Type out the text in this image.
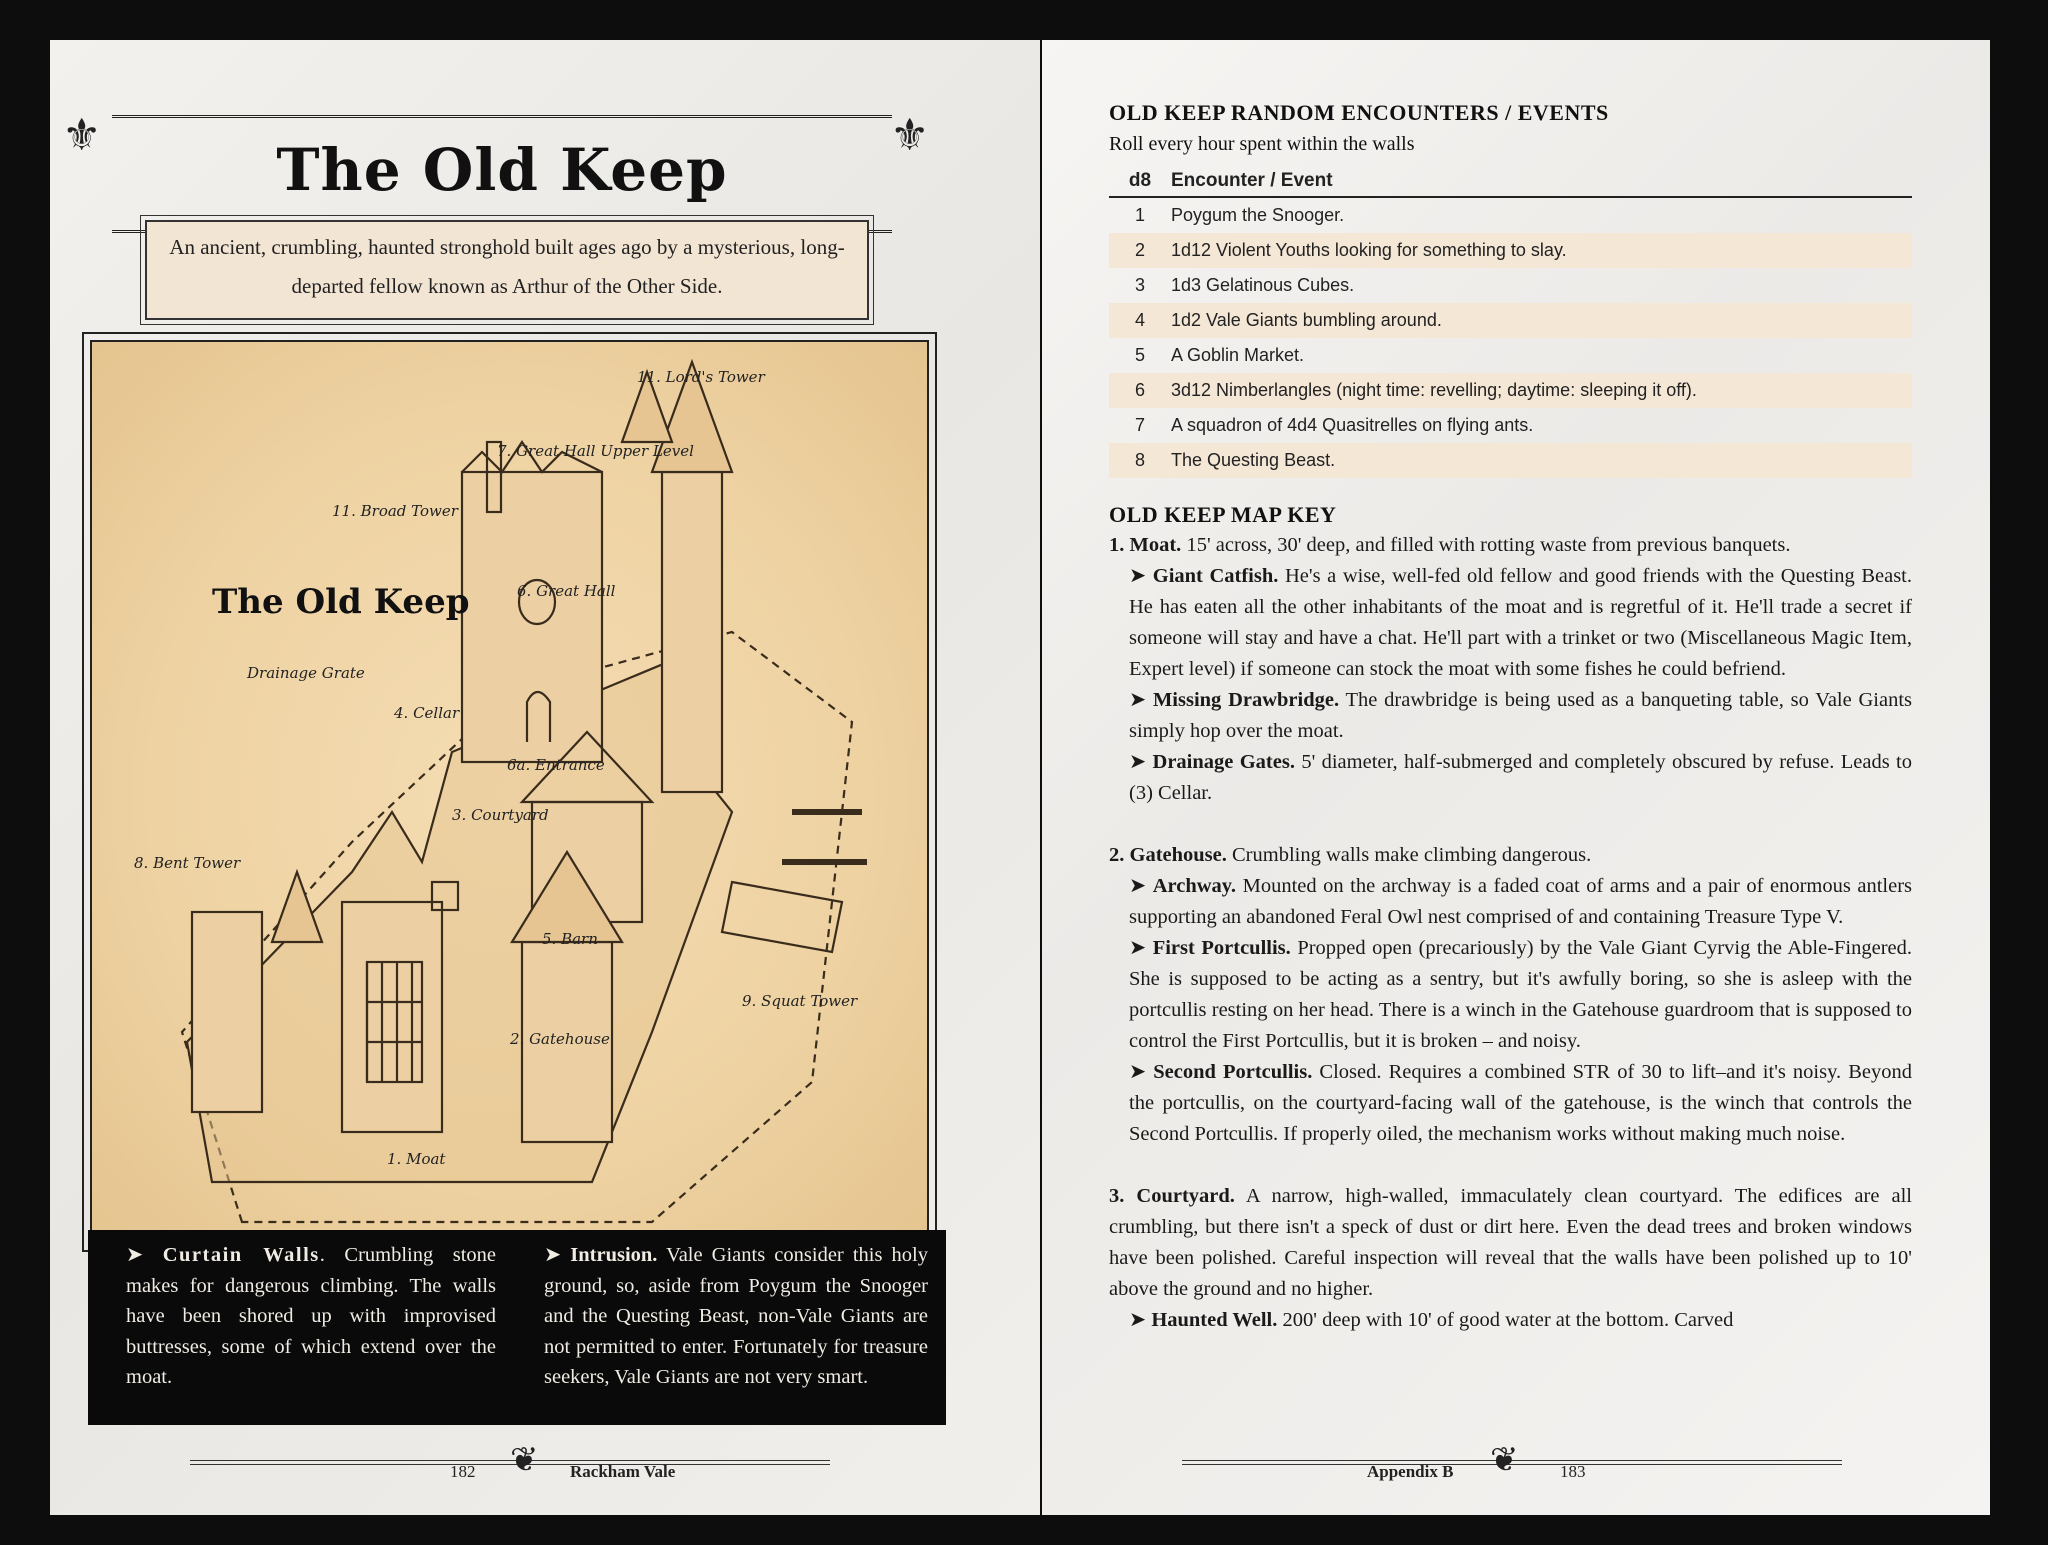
⚜	⚜
The Old Keep
An ancient, crumbling, haunted stronghold built ages ago by a mysterious, long-departed fellow known as Arthur of the Other Side.
The Old Keep
11. Lord's Tower
7. Great Hall Upper Level
11. Broad Tower
6. Great Hall
Drainage Grate
4. Cellar
6a. Entrance
3. Courtyard
8. Bent Tower
5. Barn
9. Squat Tower
2. Gatehouse
1. Moat
➤ Curtain Walls. Crumbling stone makes for dangerous climbing. The walls have been shored up with improvised buttresses, some of which extend over the moat.
➤ Intrusion. Vale Giants consider this holy ground, so, aside from Poygum the Snooger and the Questing Beast, non-Vale Giants are not permitted to enter. Fortunately for treasure seekers, Vale Giants are not very smart.
182 ❦ Rackham Vale
OLD KEEP RANDOM ENCOUNTERS / EVENTS
Roll every hour spent within the walls
d8	Encounter / Event
1	Poygum the Snooger.
2	1d12 Violent Youths looking for something to slay.
3	1d3 Gelatinous Cubes.
4	1d2 Vale Giants bumbling around.
5	A Goblin Market.
6	3d12 Nimberlangles (night time: revelling; daytime: sleeping it off).
7	A squadron of 4d4 Quasitrelles on flying ants.
8	The Questing Beast.
OLD KEEP MAP KEY

1. Moat. 15' across, 30' deep, and filled with rotting waste from previous banquets.

➤ Giant Catfish. He's a wise, well-fed old fellow and good friends with the Questing Beast. He has eaten all the other inhabitants of the moat and is regretful of it. He'll trade a secret if someone will stay and have a chat. He'll part with a trinket or two (Miscellaneous Magic Item, Expert level) if someone can stock the moat with some fishes he could befriend.

➤ Missing Drawbridge. The drawbridge is being used as a banqueting table, so Vale Giants simply hop over the moat.

➤ Drainage Gates. 5' diameter, half-submerged and completely obscured by refuse. Leads to (3) Cellar.

2. Gatehouse. Crumbling walls make climbing dangerous.

➤ Archway. Mounted on the archway is a faded coat of arms and a pair of enormous antlers supporting an abandoned Feral Owl nest comprised of and containing Treasure Type V.

➤ First Portcullis. Propped open (precariously) by the Vale Giant Cyrvig the Able-Fingered. She is supposed to be acting as a sentry, but it's awfully boring, so she is asleep with the portcullis resting on her head. There is a winch in the Gatehouse guardroom that is supposed to control the First Portcullis, but it is broken – and noisy.

➤ Second Portcullis. Closed. Requires a combined STR of 30 to lift–and it's noisy. Beyond the portcullis, on the courtyard-facing wall of the gatehouse, is the winch that controls the Second Portcullis. If properly oiled, the mechanism works without making much noise.

3. Courtyard. A narrow, high-walled, immaculately clean courtyard. The edifices are all crumbling, but there isn't a speck of dust or dirt here. Even the dead trees and broken windows have been polished. Careful inspection will reveal that the walls have been polished up to 10' above the ground and no higher.

➤ Haunted Well. 200' deep with 10' of good water at the bottom. Carved

Appendix B ❦ 183
